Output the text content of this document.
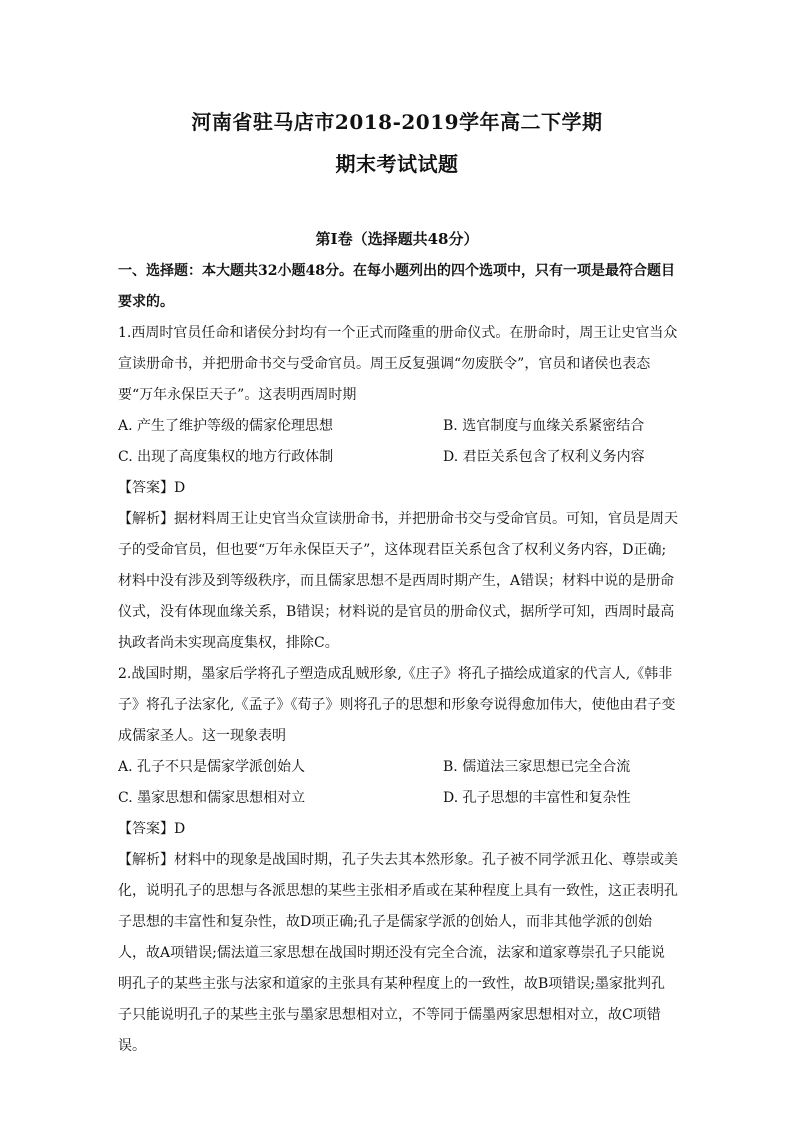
河南省驻马店市2018-2019学年高二下学期
期末考试试题
第Ⅰ卷（选择题共48分）

一、选择题：本大题共32小题48分。在每小题列出的四个选项中，只有一项是最符合题目要求的。

1.西周时官员任命和诸侯分封均有一个正式而隆重的册命仪式。在册命时，周王让史官当众宣读册命书，并把册命书交与受命官员。周王反复强调“勿废朕令”，官员和诸侯也表态要“万年永保臣天子”。这表明西周时期

A. 产生了维护等级的儒家伦理思想	B. 选官制度与血缘关系紧密结合
C. 出现了高度集权的地方行政体制	D. 君臣关系包含了权利义务内容

【答案】D

【解析】据材料周王让史官当众宣读册命书，并把册命书交与受命官员。可知，官员是周天子的受命官员，但也要“万年永保臣天子”，这体现君臣关系包含了权利义务内容，D正确;材料中没有涉及到等级秩序，而且儒家思想不是西周时期产生，A错误；材料中说的是册命仪式，没有体现血缘关系，B错误；材料说的是官员的册命仪式，据所学可知，西周时最高执政者尚未实现高度集权，排除C。

2.战国时期，墨家后学将孔子塑造成乱贼形象,《庄子》将孔子描绘成道家的代言人,《韩非子》将孔子法家化,《孟子》《荀子》则将孔子的思想和形象夸说得愈加伟大，使他由君子变成儒家圣人。这一现象表明

A. 孔子不只是儒家学派创始人	B. 儒道法三家思想已完全合流
C. 墨家思想和儒家思想相对立	D. 孔子思想的丰富性和复杂性

【答案】D

【解析】材料中的现象是战国时期，孔子失去其本然形象。孔子被不同学派丑化、尊崇或美化，说明孔子的思想与各派思想的某些主张相矛盾或在某种程度上具有一致性，这正表明孔子思想的丰富性和复杂性，故D项正确;孔子是儒家学派的创始人，而非其他学派的创始人，故A项错误;儒法道三家思想在战国时期还没有完全合流，法家和道家尊崇孔子只能说明孔子的某些主张与法家和道家的主张具有某种程度上的一致性，故B项错误;墨家批判孔子只能说明孔子的某些主张与墨家思想相对立，不等同于儒墨两家思想相对立，故C项错误。
